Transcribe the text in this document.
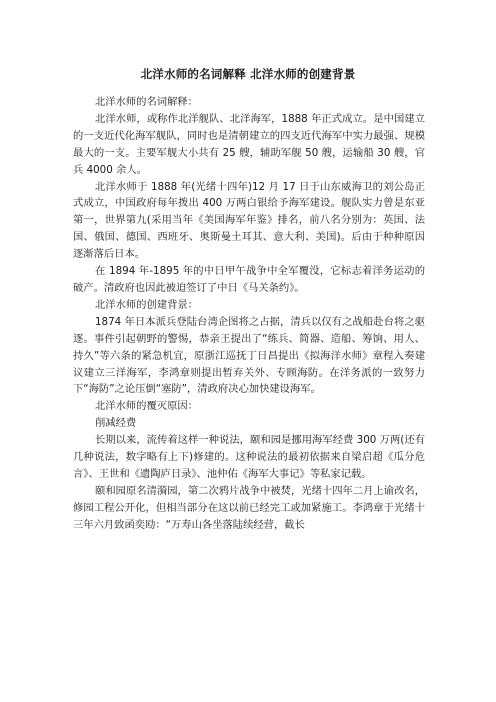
北洋水师的名词解释 北洋水师的创建背景

北洋水师的名词解释：

北洋水师，或称作北洋舰队、北洋海军，1888 年正式成立。是中国建立的一支近代化海军舰队，同时也是清朝建立的四支近代海军中实力最强、规模最大的一支。主要军舰大小共有 25 艘，辅助军舰 50 艘，运输船 30 艘，官兵 4000 余人。

北洋水师于 1888 年(光绪十四年)12 月 17 日于山东威海卫的刘公岛正式成立，中国政府每年拨出 400 万两白银给予海军建设。舰队实力曾是东亚第一，世界第九(采用当年《美国海军年鉴》排名，前八名分别为：英国、法国、俄国、德国、西班牙、奥斯曼土耳其、意大利、美国)。后由于种种原因逐渐落后日本。

在 1894 年-1895 年的中日甲午战争中全军覆没，它标志着洋务运动的破产。清政府也因此被迫签订了中日《马关条约》。

北洋水师的创建背景：

1874 年日本派兵登陆台湾企图将之占据，清兵以仅有之战船赴台将之驱逐。事件引起朝野的警惕，恭亲王提出了“练兵、简器、造船、筹饷、用人、持久”等六条的紧急机宜，原浙江巡抚丁日昌提出《拟海洋水师》章程入奏建议建立三洋海军，李鸿章则提出暂弃关外、专顾海防。在洋务派的一致努力下“海防”之论压倒“塞防”，清政府决心加快建设海军。

北洋水师的覆灭原因：

削减经费

长期以来，流传着这样一种说法，颐和园是挪用海军经费 300 万两(还有几种说法，数字略有上下)修建的。这种说法的最初依据来自梁启超《瓜分危言》、王世和《遗陶庐日录》、池仲佑《海军大事记》等私家记载。

颐和园原名清漪园，第二次鸦片战争中被焚，光绪十四年二月上谕改名，修园工程公开化，但相当部分在这以前已经完工或加紧施工。李鸿章于光绪十三年六月致函奕劻：“万寿山各坐落陆续经营，截长
